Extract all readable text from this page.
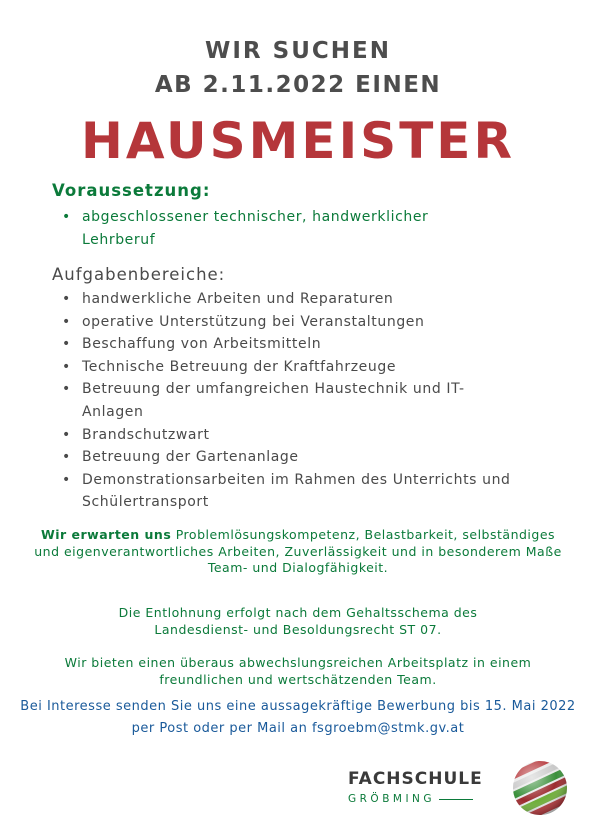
WIR SUCHEN
AB 2.11.2022 EINEN
HAUSMEISTER
Voraussetzung:
• abgeschlossener technischer, handwerklicher Lehrberuf
Aufgabenbereiche:
• handwerkliche Arbeiten und Reparaturen
• operative Unterstützung bei Veranstaltungen
• Beschaffung von Arbeitsmitteln
• Technische Betreuung der Kraftfahrzeuge
• Betreuung der umfangreichen Haustechnik und IT-Anlagen
• Brandschutzwart
• Betreuung der Gartenanlage
• Demonstrationsarbeiten im Rahmen des Unterrichts und Schülertransport
Wir erwarten uns Problemlösungskompetenz, Belastbarkeit, selbständiges und eigenverantwortliches Arbeiten, Zuverlässigkeit und in besonderem Maße Team- und Dialogfähigkeit.
Die Entlohnung erfolgt nach dem Gehaltsschema des Landesdienst- und Besoldungsrecht ST 07.
Wir bieten einen überaus abwechslungsreichen Arbeitsplatz in einem freundlichen und wertschätzenden Team.
Bei Interesse senden Sie uns eine aussagekräftige Bewerbung bis 15. Mai 2022 per Post oder per Mail an fsgroebm@stmk.gv.at
FACHSCHULE
GRÖBMING
